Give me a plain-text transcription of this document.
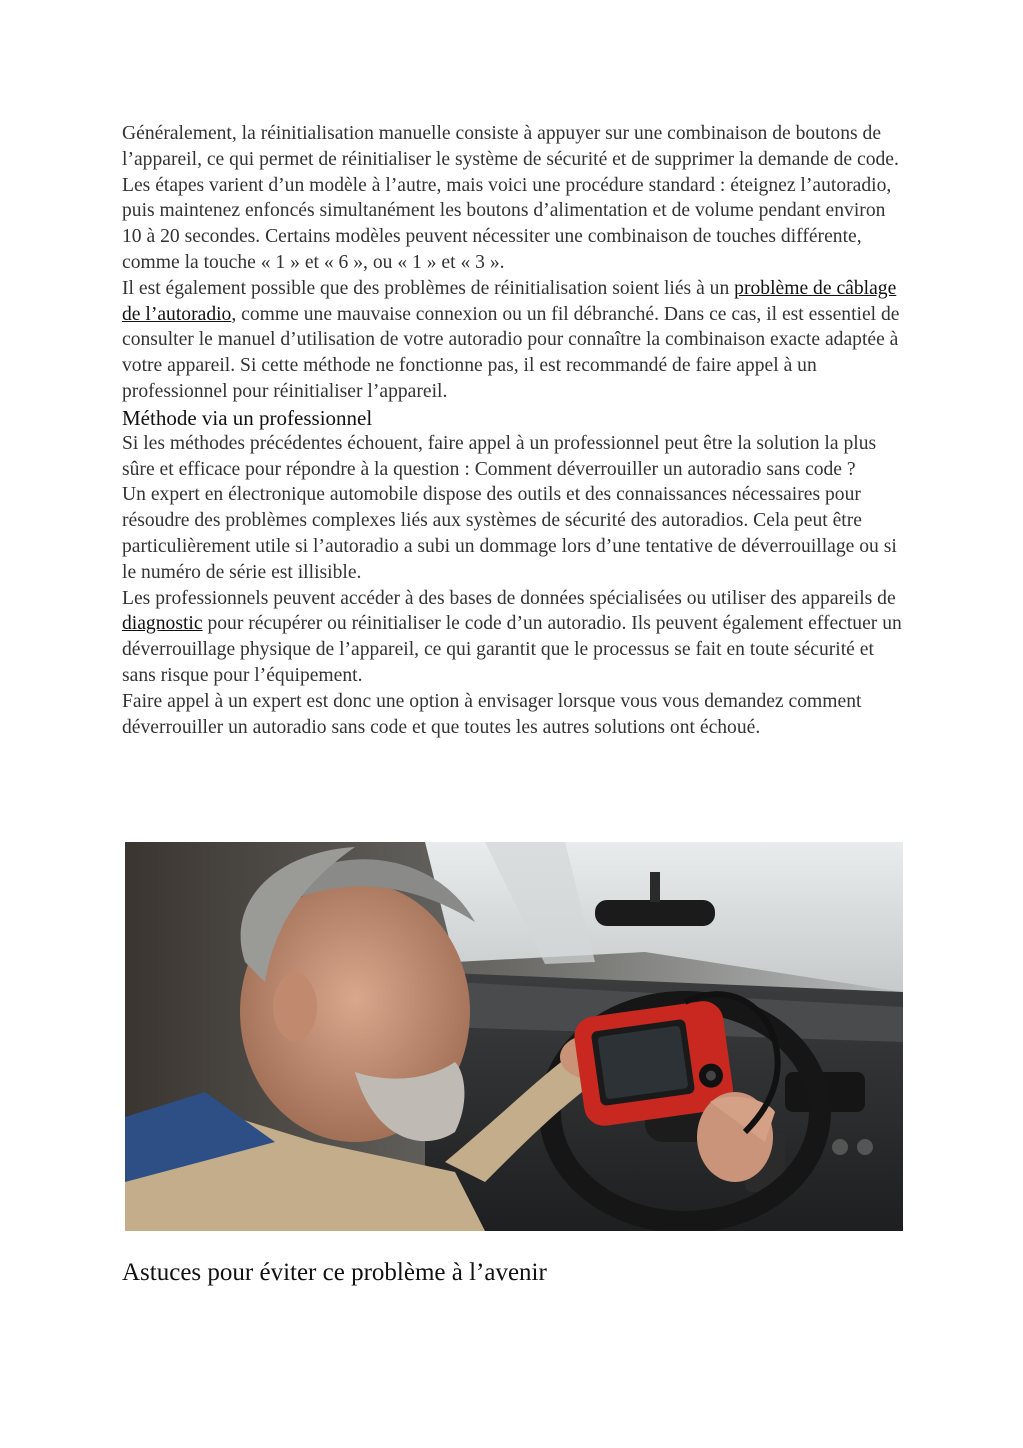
Généralement, la réinitialisation manuelle consiste à appuyer sur une combinaison de boutons de l’appareil, ce qui permet de réinitialiser le système de sécurité et de supprimer la demande de code.

Les étapes varient d’un modèle à l’autre, mais voici une procédure standard : éteignez l’autoradio, puis maintenez enfoncés simultanément les boutons d’alimentation et de volume pendant environ 10 à 20 secondes. Certains modèles peuvent nécessiter une combinaison de touches différente, comme la touche « 1 » et « 6 », ou « 1 » et « 3 ».

Il est également possible que des problèmes de réinitialisation soient liés à un problème de câblage de l’autoradio, comme une mauvaise connexion ou un fil débranché. Dans ce cas, il est essentiel de consulter le manuel d’utilisation de votre autoradio pour connaître la combinaison exacte adaptée à votre appareil. Si cette méthode ne fonctionne pas, il est recommandé de faire appel à un professionnel pour réinitialiser l’appareil.

Méthode via un professionnel

Si les méthodes précédentes échouent, faire appel à un professionnel peut être la solution la plus sûre et efficace pour répondre à la question : Comment déverrouiller un autoradio sans code ?

Un expert en électronique automobile dispose des outils et des connaissances nécessaires pour résoudre des problèmes complexes liés aux systèmes de sécurité des autoradios. Cela peut être particulièrement utile si l’autoradio a subi un dommage lors d’une tentative de déverrouillage ou si le numéro de série est illisible.

Les professionnels peuvent accéder à des bases de données spécialisées ou utiliser des appareils de diagnostic pour récupérer ou réinitialiser le code d’un autoradio. Ils peuvent également effectuer un déverrouillage physique de l’appareil, ce qui garantit que le processus se fait en toute sécurité et sans risque pour l’équipement.

Faire appel à un expert est donc une option à envisager lorsque vous vous demandez comment déverrouiller un autoradio sans code et que toutes les autres solutions ont échoué.

Astuces pour éviter ce problème à l’avenir
